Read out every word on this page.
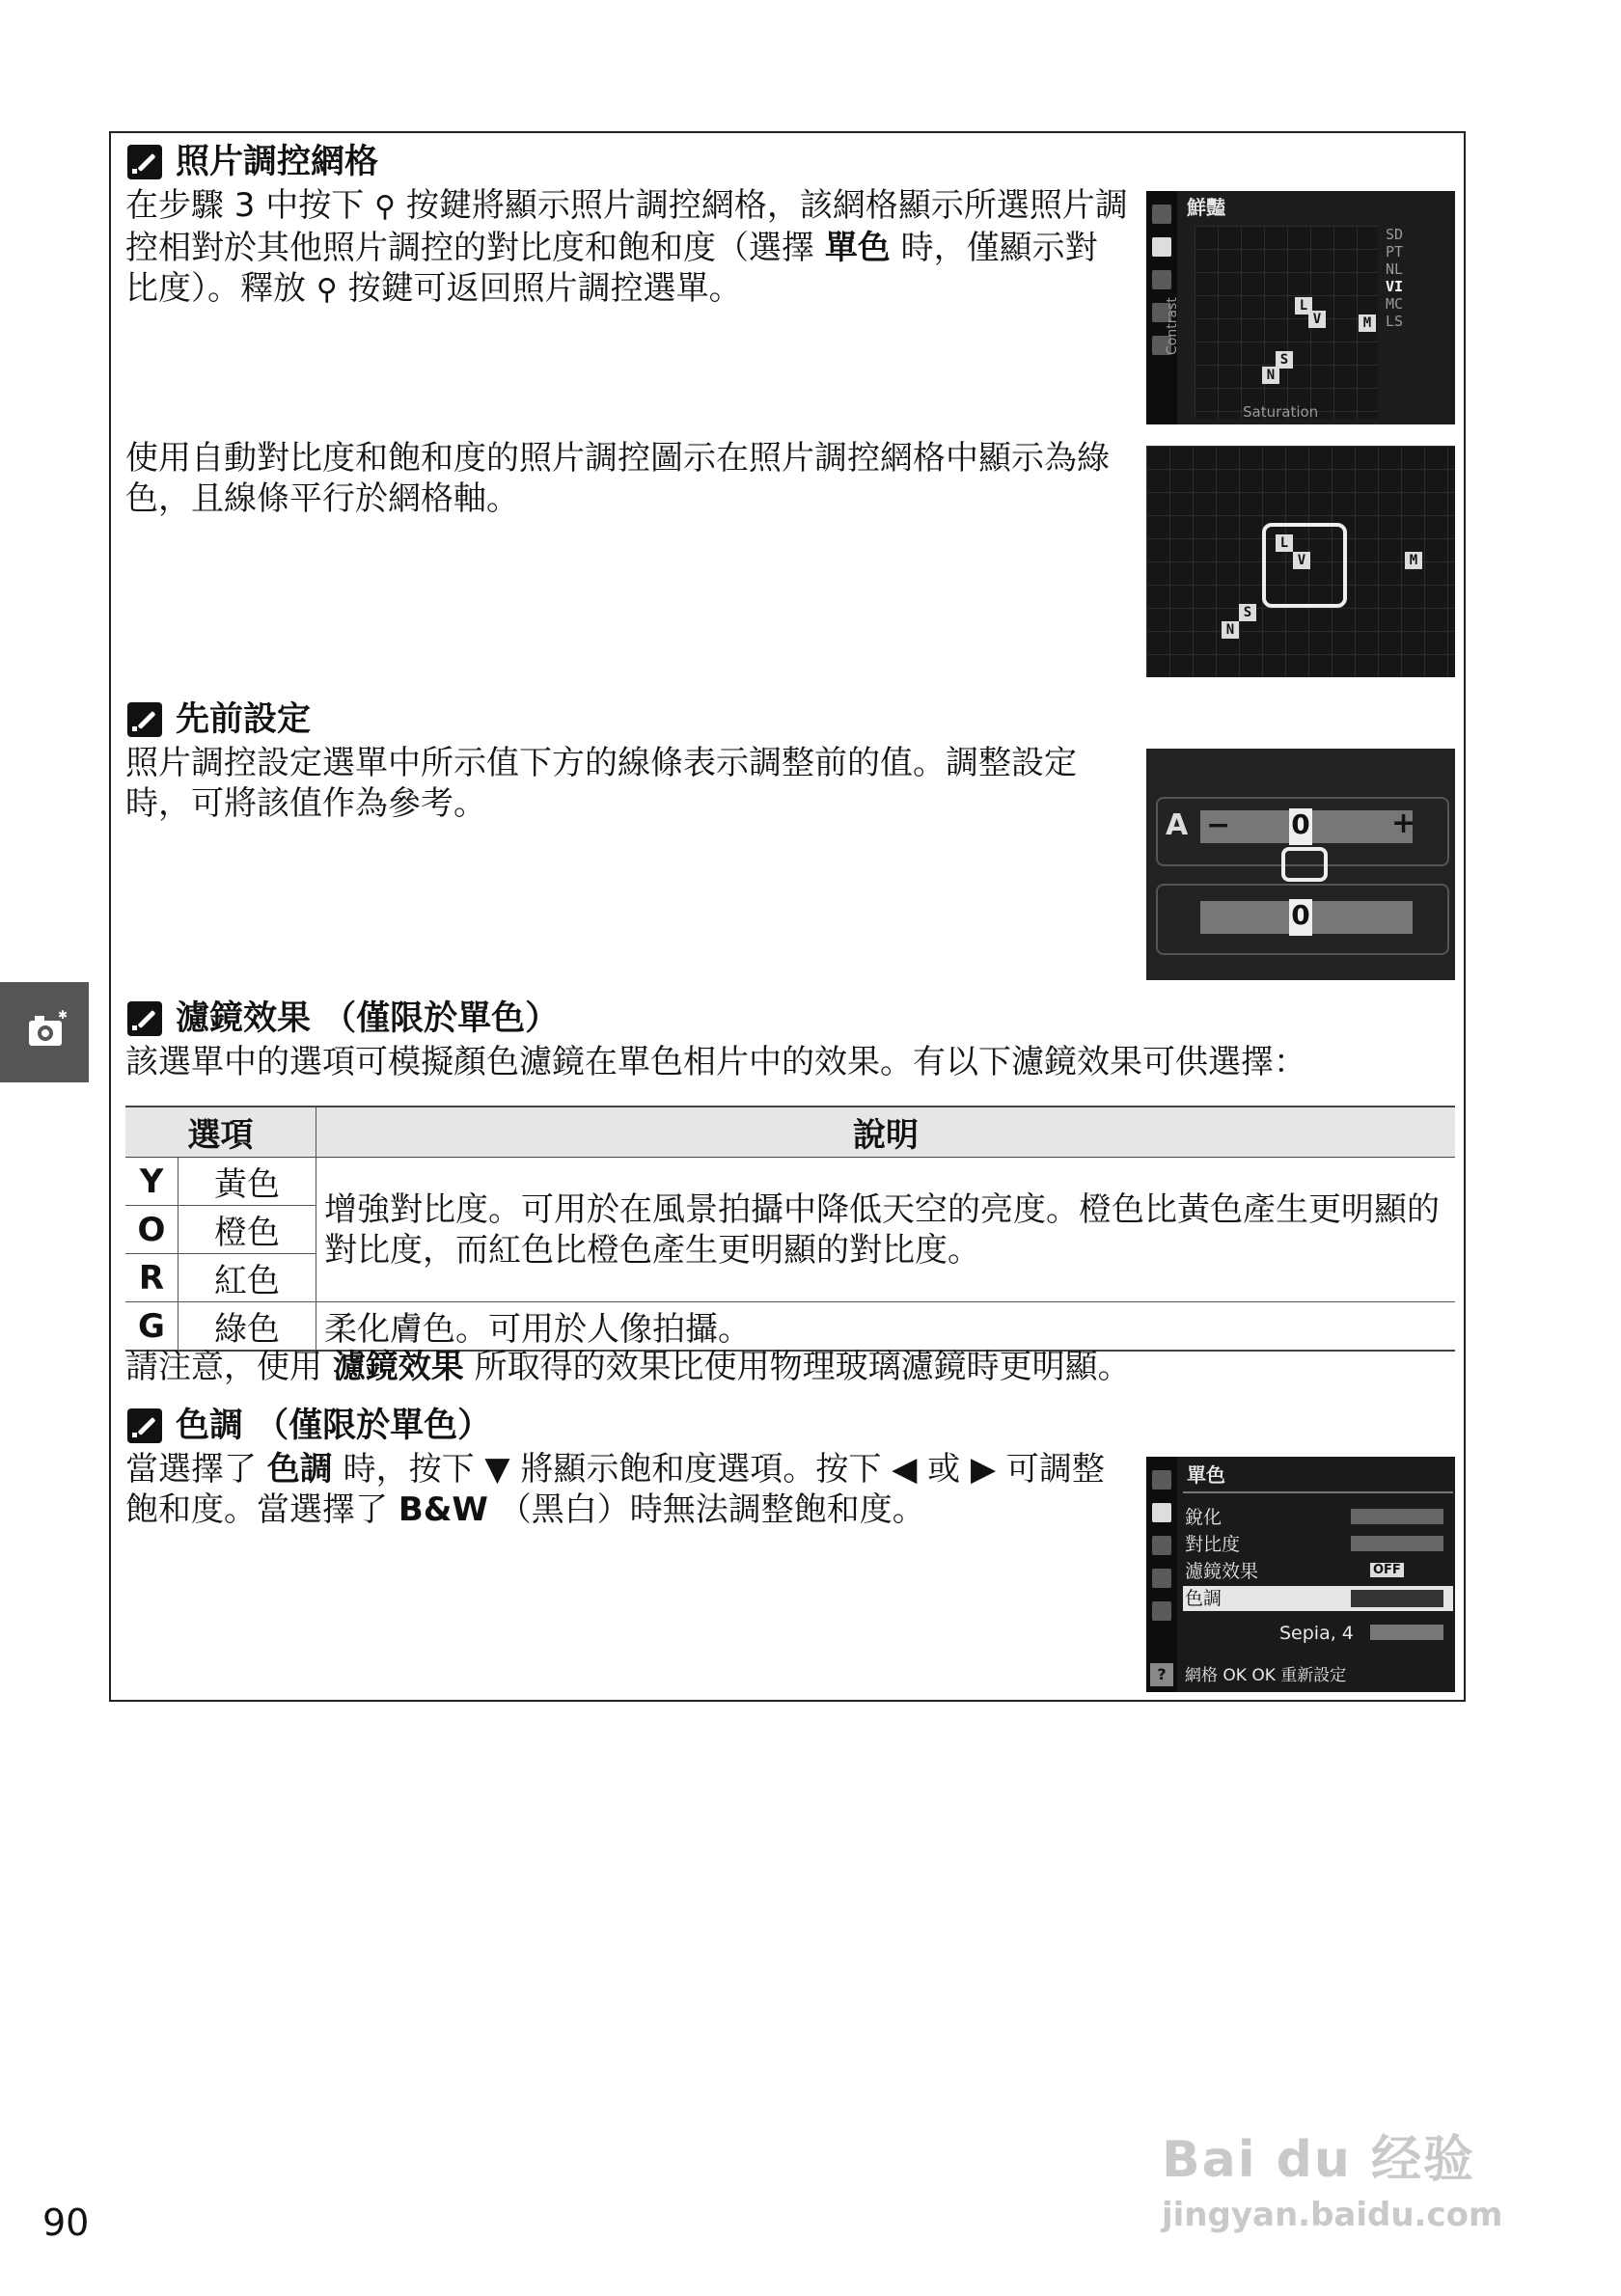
✱
照片調控網格
在步驟 3 中按下 ⚲ 按鍵將顯示照片調控網格，該網格顯示所選照片調控相對於其他照片調控的對比度和飽和度（選擇 單色 時，僅顯示對比度）。釋放 ⚲ 按鍵可返回照片調控選單。
鮮豔
L
V	M
S
N
Contrast
Saturation
SD
PT
NL
VI
MC
LS
使用自動對比度和飽和度的照片調控圖示在照片調控網格中顯示為綠色，且線條平行於網格軸。
L
V	M
S
N
先前設定
照片調控設定選單中所示值下方的線條表示調整前的值。調整設定時，可將該值作為參考。
A −	+
0
0
濾鏡效果 （僅限於單色）
該選單中的選項可模擬顏色濾鏡在單色相片中的效果。有以下濾鏡效果可供選擇：
選項		說明
Y	黃色	增強對比度。可用於在風景拍攝中降低天空的亮度。橙色比黃色產生更明顯的對比度，而紅色比橙色產生更明顯的對比度。
O	橙色	
R	紅色	
G	綠色	柔化膚色。可用於人像拍攝。
請注意，使用 濾鏡效果 所取得的效果比使用物理玻璃濾鏡時更明顯。
色調 （僅限於單色）
當選擇了 色調 時，按下 ▼ 將顯示飽和度選項。按下 ◀ 或 ▶ 可調整飽和度。當選擇了 B&W （黑白）時無法調整飽和度。
單色
銳化
對比度
濾鏡效果	OFF
色調
Sepia, 4
?	網格 OK OK 重新設定
90
Bai du 经验
jingyan.baidu.com
